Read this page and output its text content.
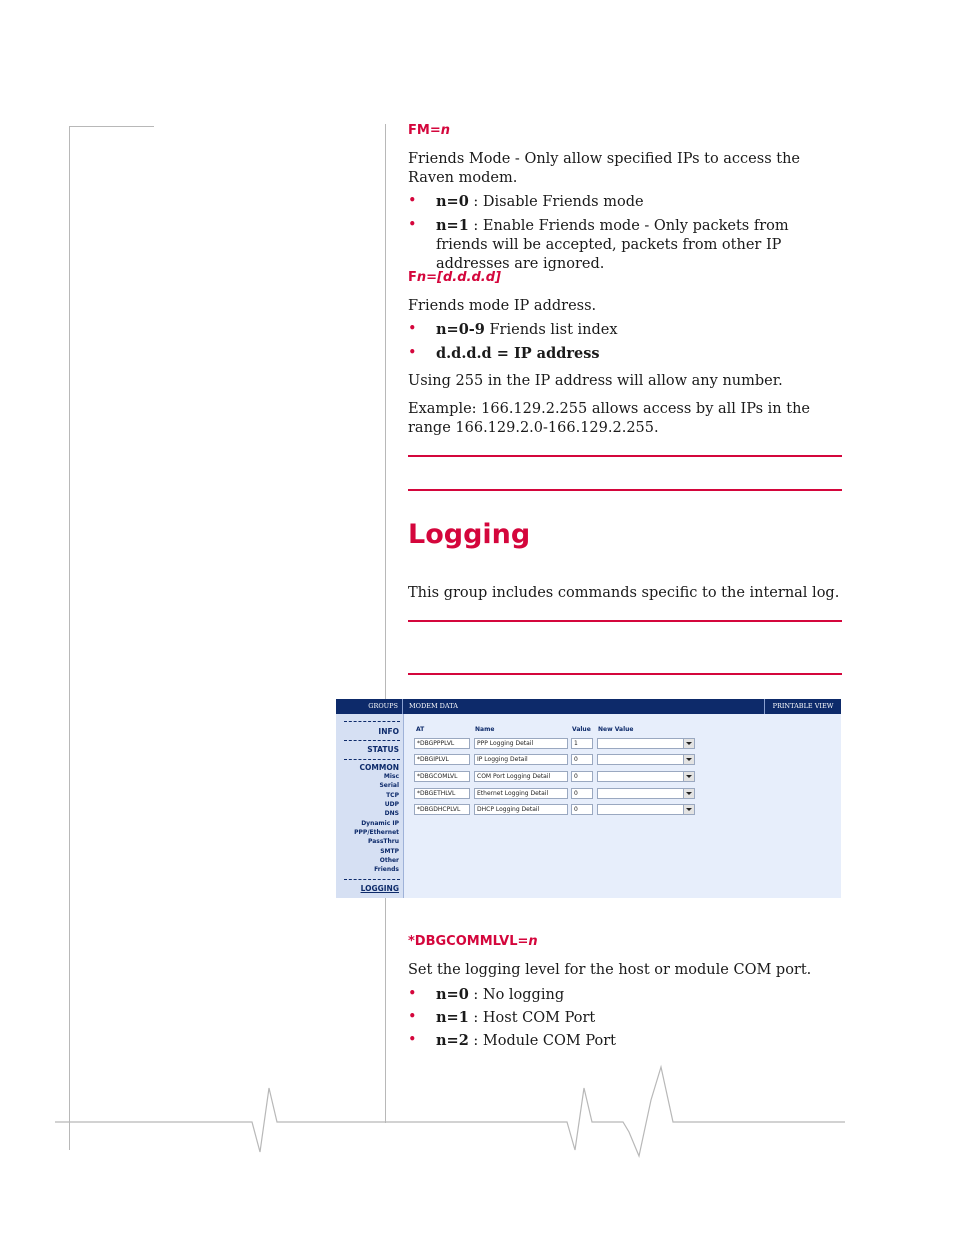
FM=n
Friends Mode - Only allow specified IPs to access the Raven modem.
• n=0 : Disable Friends mode
• n=1 : Enable Friends mode - Only packets from friends will be accepted, packets from other IP addresses are ignored.
Fn=[d.d.d.d]
Friends mode IP address.
• n=0-9 Friends list index
• d.d.d.d = IP address
Using 255 in the IP address will allow any number.
Example: 166.129.2.255 allows access by all IPs in the range 166.129.2.0-166.129.2.255.
Logging
This group includes commands specific to the internal log.
GROUPS	MODEM DATA	PRINTABLE VIEW
INFO
STATUS
COMMON
Misc
Serial
TCP
UDP
DNS
Dynamic IP
PPP/Ethernet
PassThru
SMTP
Other
Friends
LOGGING
AT	Name	Value New Value
*DBGPPPLVL	PPP Logging Detail	1
*DBGIPLVL	IP Logging Detail	0
*DBGCOMLVL	COM Port Logging Detail	0
*DBGETHLVL	Ethernet Logging Detail	0
*DBGDHCPLVL	DHCP Logging Detail	0
*DBGCOMMLVL=n
Set the logging level for the host or module COM port.
• n=0 : No logging
• n=1 : Host COM Port
• n=2 : Module COM Port
